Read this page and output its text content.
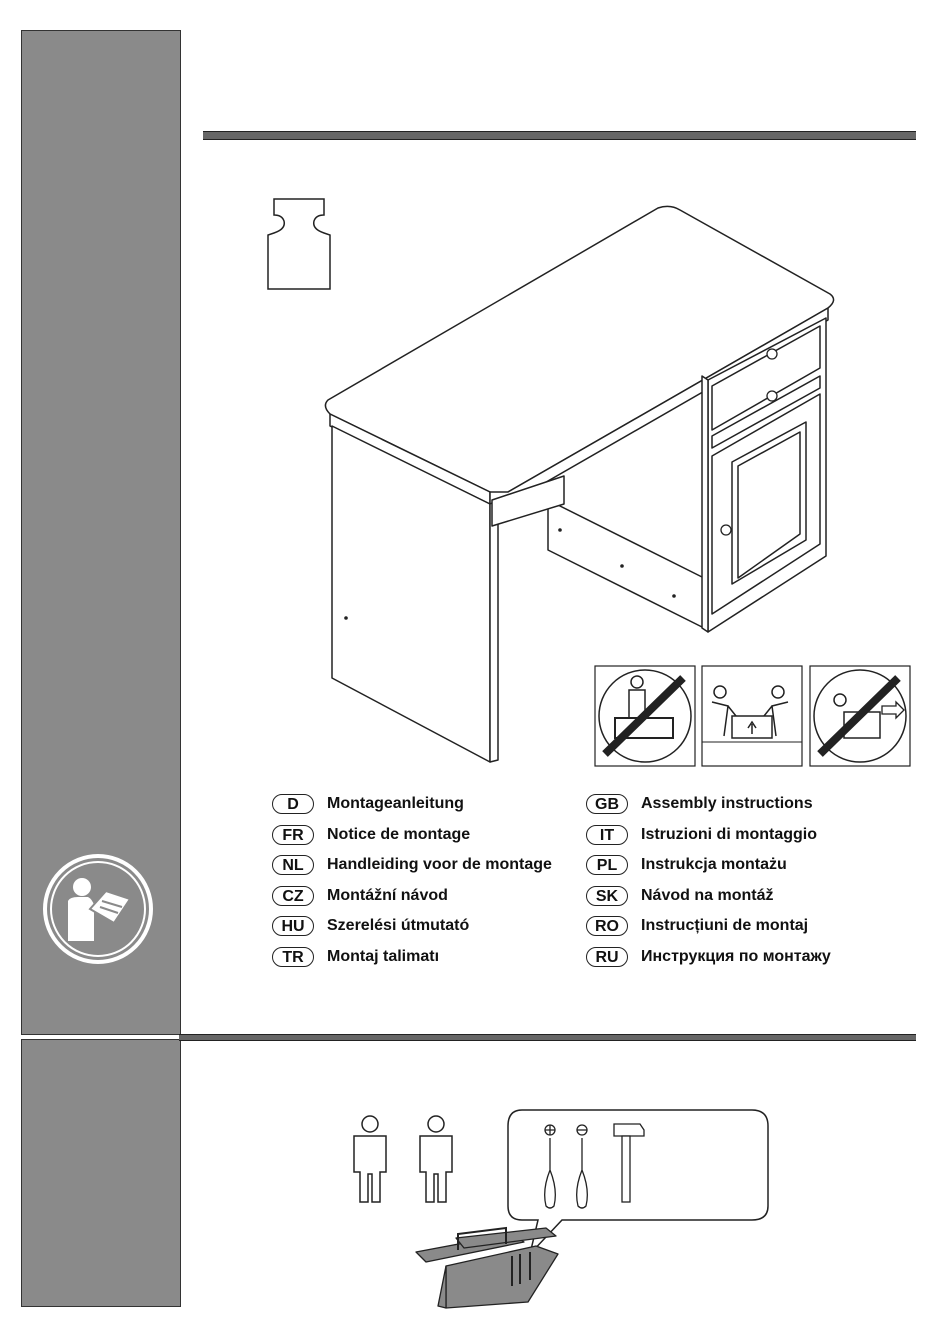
D	Montageanleitung	GB	Assembly instructions
FR	Notice de montage	IT	Istruzioni di montaggio
NL	Handleiding voor de montage	PL	Instrukcja montażu
CZ	Montážní návod	SK	Návod na montáž
HU	Szerelési útmutató	RO	Instrucțiuni de montaj
TR	Montaj talimatı	RU	Инструкция по монтажу
